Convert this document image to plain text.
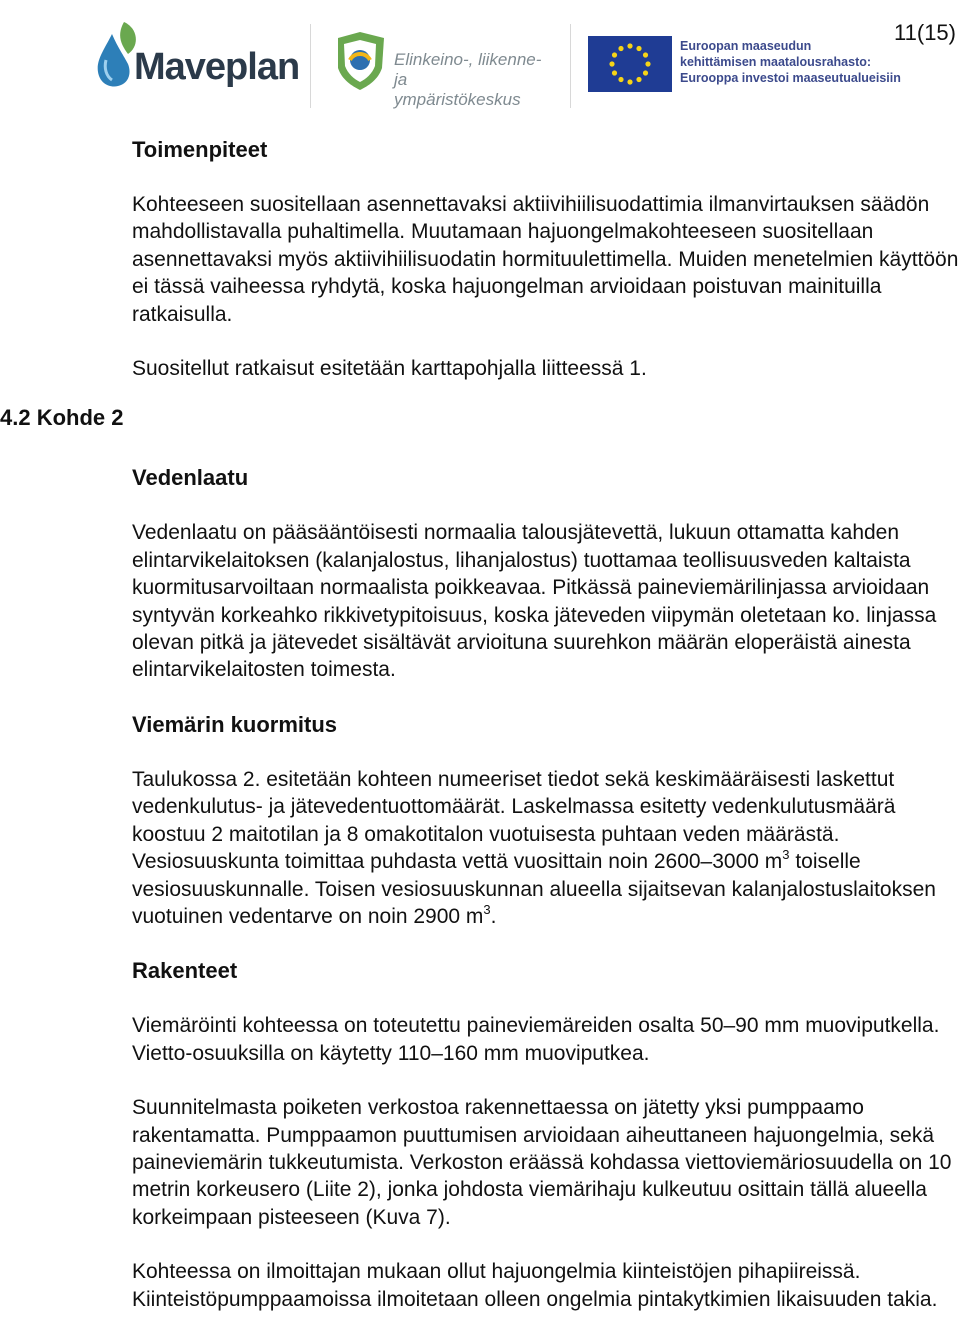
11(15)
Maveplan	Elinkeino-, liikenne- ja
ympäristökeskus
Euroopan maaseudun
kehittämisen maatalousrahasto:
Eurooppa investoi maaseutualueisiin
Toimenpiteet

Kohteeseen suositellaan asennettavaksi aktiivihiilisuodattimia ilmanvirtauksen säädön mahdollistavalla puhaltimella. Muutamaan hajuongelmakohteeseen suositellaan asennettavaksi myös aktiivihiilisuodatin hormituulettimella. Muiden menetelmien käyttöön ei tässä vaiheessa ryhdytä, koska hajuongelman arvioidaan poistuvan mainituilla ratkaisulla.

Suositellut ratkaisut esitetään karttapohjalla liitteessä 1.

Vedenlaatu

Vedenlaatu on pääsääntöisesti normaalia talousjätevettä, lukuun ottamatta kahden elintarvikelaitoksen (kalanjalostus, lihanjalostus) tuottamaa teollisuusveden kaltaista kuormitusarvoiltaan normaalista poikkeavaa. Pitkässä paineviemärilinjassa arvioidaan syntyvän korkeahko rikkivetypitoisuus, koska jäteveden viipymän oletetaan ko. linjassa olevan pitkä ja jätevedet sisältävät arvioituna suurehkon määrän eloperäistä ainesta elintarvikelaitosten toimesta.

Viemärin kuormitus

Taulukossa 2. esitetään kohteen numeeriset tiedot sekä keskimääräisesti laskettut vedenkulutus- ja jätevedentuottomäärät. Laskelmassa esitetty vedenkulutusmäärä koostuu 2 maitotilan ja 8 omakotitalon vuotuisesta puhtaan veden määrästä. Vesiosuuskunta toimittaa puhdasta vettä vuosittain noin 2600–3000 $m^3$ toiselle vesiosuuskunnalle. Toisen vesiosuuskunnan alueella sijaitsevan kalanjalostuslaitoksen vuotuinen vedentarve on noin 2900 $m^3$.

Rakenteet

Viemäröinti kohteessa on toteutettu paineviemäreiden osalta 50–90 mm muoviputkella. Vietto-osuuksilla on käytetty 110–160 mm muoviputkea.

Suunnitelmasta poiketen verkostoa rakennettaessa on jätetty yksi pumppaamo rakentamatta. Pumppaamon puuttumisen arvioidaan aiheuttaneen hajuongelmia, sekä paineviemärin tukkeutumista. Verkoston eräässä kohdassa viettoviemäriosuudella on 10 metrin korkeusero (Liite 2), jonka johdosta viemärihaju kulkeutuu osittain tällä alueella korkeimpaan pisteeseen (Kuva 7).

Kohteessa on ilmoittajan mukaan ollut hajuongelmia kiinteistöjen pihapiireissä. Kiinteistöpumppaamoissa ilmoitetaan olleen ongelmia pintakytkimien likaisuuden takia.

4.2 Kohde 2
